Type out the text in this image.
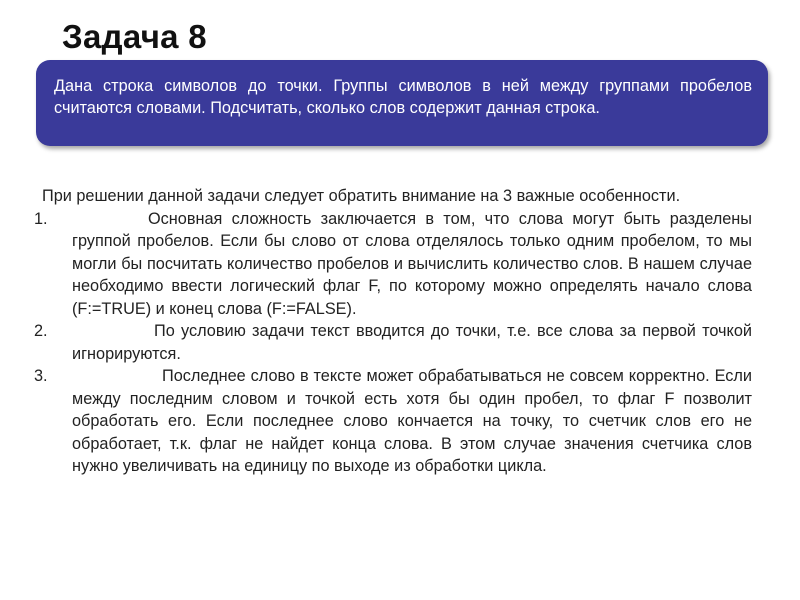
Задача 8
Дана строка символов до точки. Группы символов в ней между группами пробелов считаются словами. Подсчитать, сколько слов содержит данная строка.

При решении данной задачи следует обратить внимание на 3 важные особенности.

1.	Основная сложность заключается в том, что слова могут быть разделены группой пробелов. Если бы слово от слова отделялось только одним пробелом, то мы могли бы посчитать количество пробелов и вычислить количество слов. В нашем случае необходимо ввести логический флаг F, по которому можно определять начало слова (F:=TRUE) и конец слова (F:=FALSE).
2.	По условию задачи текст вводится до точки, т.е. все слова за первой точкой игнорируются.
3.	Последнее слово в тексте может обрабатываться не совсем корректно. Если между последним словом и точкой есть хотя бы один пробел, то флаг F позволит обработать его. Если последнее слово кончается на точку, то счетчик слов его не обработает, т.к. флаг не найдет конца слова. В этом случае значения счетчика слов нужно увеличивать на единицу по выходе из обработки цикла.
